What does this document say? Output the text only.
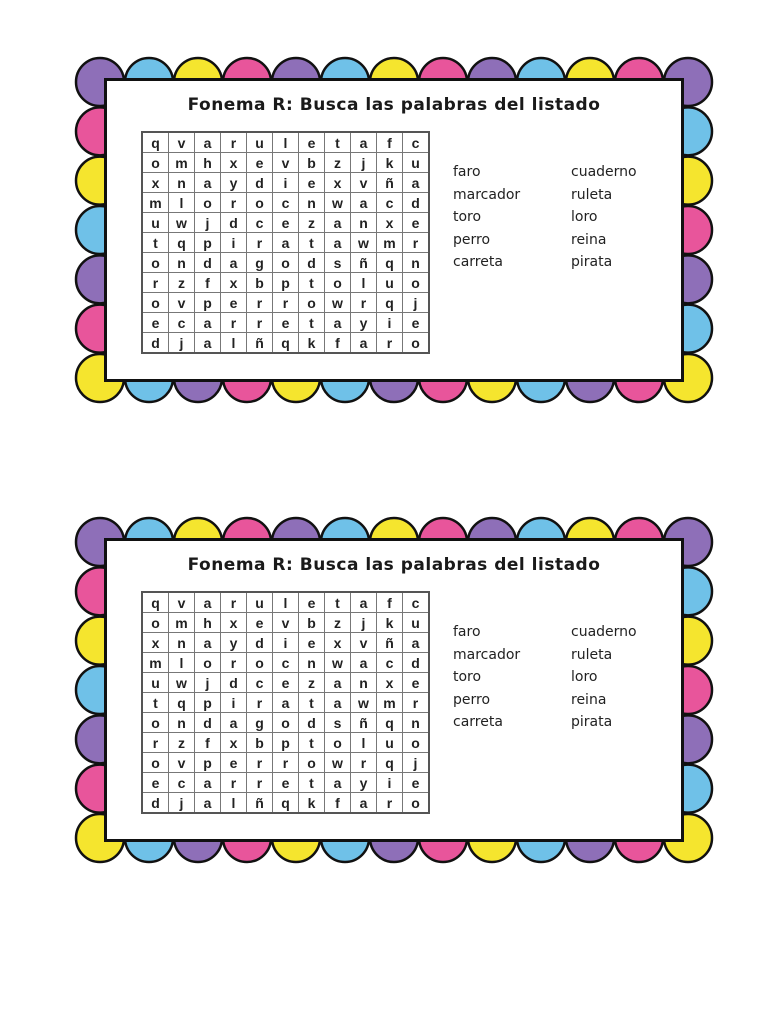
Fonema R: Busca las palabras del listado
q	v	a	r	u	l	e	t	a	f	c
o	m	h	x	e	v	b	z	j	k	u
x	n	a	y	d	i	e	x	v	ñ	a
m	l	o	r	o	c	n	w	a	c	d
u	w	j	d	c	e	z	a	n	x	e
t	q	p	i	r	a	t	a	w	m	r
o	n	d	a	g	o	d	s	ñ	q	n
r	z	f	x	b	p	t	o	l	u	o
o	v	p	e	r	r	o	w	r	q	j
e	c	a	r	r	e	t	a	y	i	e
d	j	a	l	ñ	q	k	f	a	r	o
faro
marcador
toro
perro
carreta
cuaderno
ruleta
loro
reina
pirata
Fonema R: Busca las palabras del listado
q	v	a	r	u	l	e	t	a	f	c
o	m	h	x	e	v	b	z	j	k	u
x	n	a	y	d	i	e	x	v	ñ	a
m	l	o	r	o	c	n	w	a	c	d
u	w	j	d	c	e	z	a	n	x	e
t	q	p	i	r	a	t	a	w	m	r
o	n	d	a	g	o	d	s	ñ	q	n
r	z	f	x	b	p	t	o	l	u	o
o	v	p	e	r	r	o	w	r	q	j
e	c	a	r	r	e	t	a	y	i	e
d	j	a	l	ñ	q	k	f	a	r	o
faro
marcador
toro
perro
carreta
cuaderno
ruleta
loro
reina
pirata
